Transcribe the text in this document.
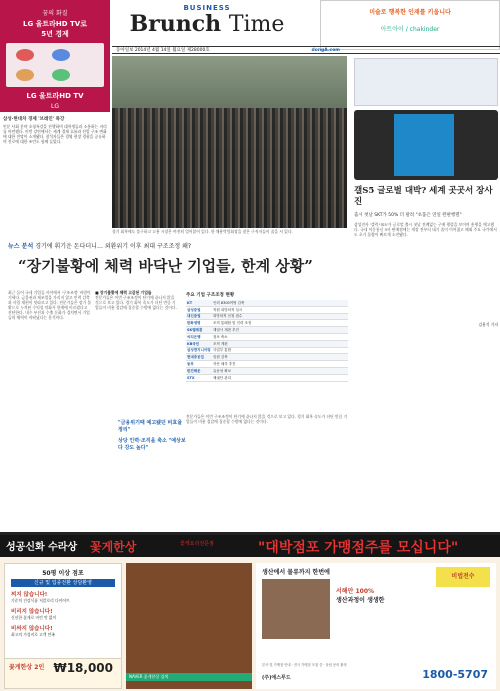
꿈의 화질
LG 울트라HD TV로
5년 경제
LG 울트라HD TV
LG
BUSINESS
Brunch Time	미술로 행복한 인재를 키웁니다
아트아이 / chakinder
동아일보 2014년 4월 14일 월요일 제28000호	dongA.com
삼성·현대차 경제 '브레인' 특강
인문 사회 분야 초청특강을 진행하며 대학생들과 소통하는 자리를 마련했다. 이번 강연에서는 세계 경제 흐름과 산업 구조 변화에 대한 전망이 소개됐다. 참석자들은 경영 현장 경험을 공유하며 진로에 대한 조언도 함께 들었다.
경기 회복에도 불구하고 고용 시장은 여전히 얼어붙어 있다. 한 채용박람회장을 찾은 구직자들이 줄을 서 있다.
갤S5 글로벌 대박? 세계 곳곳서 장사진
출시 첫날 SKT가 50% 더 팔려 "초품은 연일 완판행렬"
삼성전자 '갤럭시S5'가 글로벌 출시 첫날 전례없는 구매 행렬을 보이며 흥행을 예고했다. 국내 이동통신 3사 판매점에는 개장 전부터 대기 줄이 이어졌고 해외 주요 국가에서도 초기 물량이 빠르게 소진됐다.
김용석 기자
뉴스 분석 경기에 휘기운 돈다더니… 외환위기 이후 최대 구조조정 왜?
“장기불황에 체력 바닥난 기업들, 한계 상황”
최근 들어 국내 기업들 사이에서 '구조조정' 바람이 거세다. 금융권과 제조업을 가리지 않고 인력 감축과 사업 재편이 잇따르고 있다. 전문가들은 장기 불황으로 누적된 수익성 악화가 한계에 이르렀다고 진단한다. 내수 부진과 수출 둔화가 겹치면서 기업들의 체력이 바닥났다는 분석이다.
■ 장기불황에 체력 고갈된 기업들
전문가들은 이번 구조조정이 단기에 끝나지 않을 것으로 보고 있다. 경기 회복 속도가 더딘 만큼 기업들이 비용 절감에 집중할 수밖에 없다는 것이다.
"금융위기때 예고됐던 비효율 정리"
상당 인력·조직을 축소 "예상보다 강도 높다"
주요 기업 구조조정 현황
KT	인력 8300여명 감축
삼성증권	직원 희망퇴직 실시
대신증권	희망퇴직 신청 접수
한화생명	조직 통폐합 및 인력 조정
SK텔레콤	계열사 재편 추진
씨티은행	점포 축소
KB국민	조직 개편
삼성엔지니어링	사업부 통합
현대중공업	임원 감축
동부	자산 매각 추진
한진해운	유동성 확보
STX	채권단 관리
전문가들은 이번 구조조정이 단기에 끝나지 않을 것으로 보고 있다. 경기 회복 속도가 더딘 만큼 기업들이 비용 절감에 집중할 수밖에 없다는 것이다.
성공신화 수라상 꽃게한상	꽃게요리전문점	"대박점포 가맹점주를 모십니다"
50평 이상 점포
신규 및 업종전환 상담환영
찌지 않습니다!
기준치 건강식품 저칼로리 다이어트
비리지 않습니다!
신선한 꽃게로 비린 맛 없이
비싸지 않습니다!
최고의 가성비로 고객 만족
꽃게한상 2인 ₩18,000
NAVER 꽃게한상 검색
생산에서 물류까지 한번에
서해안 100%
생산과정이 생생한
비법전수
본사 및 가맹점 안내 · 전국 가맹점 모집 중 · 상담 문의 환영
(주)에스푸드	1800-5707
